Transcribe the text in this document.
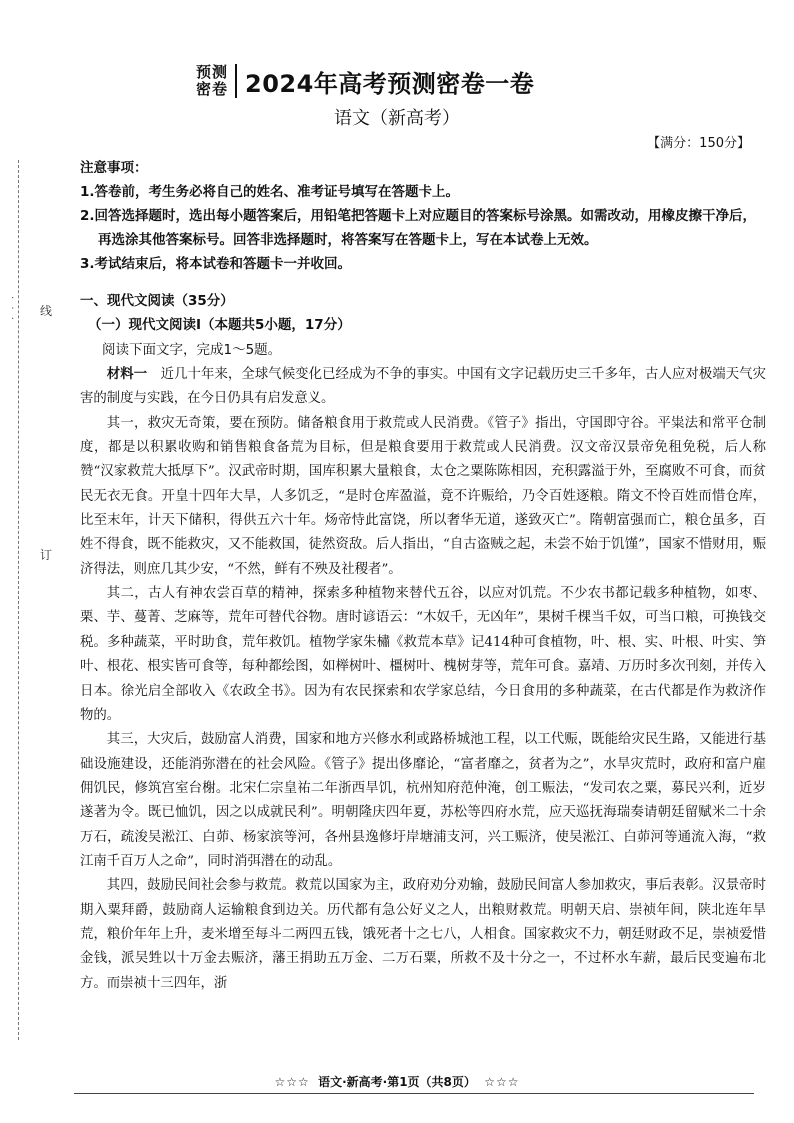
· · · 线
订
预测
密卷 2024年高考预测密卷一卷
语文（新高考）
【满分：150分】
注意事项：
1.答卷前，考生务必将自己的姓名、准考证号填写在答题卡上。
2.回答选择题时，选出每小题答案后，用铅笔把答题卡上对应题目的答案标号涂黑。如需改动，用橡皮擦干净后，再选涂其他答案标号。回答非选择题时，将答案写在答题卡上，写在本试卷上无效。
3.考试结束后，将本试卷和答题卡一并收回。
一、现代文阅读（35分）
（一）现代文阅读Ⅰ（本题共5小题，17分）
阅读下面文字，完成1～5题。

材料一　 近几十年来，全球气候变化已经成为不争的事实。中国有文字记载历史三千多年，古人应对极端天气灾害的制度与实践，在今日仍具有启发意义。

其一，救灾无奇策，要在预防。储备粮食用于救荒或人民消费。《管子》指出，守国即守谷。平粜法和常平仓制度，都是以积累收购和销售粮食备荒为目标，但是粮食要用于救荒或人民消费。汉文帝汉景帝免租免税，后人称赞“汉家救荒大抵厚下”。汉武帝时期，国库积累大量粮食，太仓之粟陈陈相因，充积露溢于外，至腐败不可食，而贫民无衣无食。开皇十四年大旱，人多饥乏，“是时仓库盈溢，竟不许赈给，乃令百姓逐粮。隋文不怜百姓而惜仓库，比至末年，计天下储积，得供五六十年。炀帝恃此富饶，所以奢华无道，遂致灭亡”。隋朝富强而亡，粮仓虽多，百姓不得食，既不能救灾，又不能救国，徒然资敌。后人指出，“自古盗贼之起，未尝不始于饥馑”，国家不惜财用，赈济得法，则庶几其少安，“不然，鲜有不殃及社稷者”。

其二，古人有神农尝百草的精神，探索多种植物来替代五谷，以应对饥荒。不少农书都记载多种植物，如枣、栗、芋、蔓菁、芝麻等，荒年可替代谷物。唐时谚语云：“木奴千，无凶年”，果树千棵当千奴，可当口粮，可换钱交税。多种蔬菜，平时助食，荒年救饥。植物学家朱橚《救荒本草》记414种可食植物，叶、根、实、叶根、叶实、笋叶、根花、根实皆可食等，每种都绘图，如榉树叶、橿树叶、槐树芽等，荒年可食。嘉靖、万历时多次刊刻，并传入日本。徐光启全部收入《农政全书》。因为有农民探索和农学家总结，今日食用的多种蔬菜，在古代都是作为救济作物的。

其三，大灾后，鼓励富人消费，国家和地方兴修水利或路桥城池工程，以工代赈，既能给灾民生路，又能进行基础设施建设，还能消弥潜在的社会风险。《管子》提出侈靡论，“富者靡之，贫者为之”，水旱灾荒时，政府和富户雇佣饥民，修筑宫室台榭。北宋仁宗皇祐二年浙西旱饥，杭州知府范仲淹，创工赈法，“发司农之粟，募民兴利，近岁遂著为令。既已恤饥，因之以成就民利”。明朝隆庆四年夏，苏松等四府水荒，应天巡抚海瑞奏请朝廷留赋米二十余万石，疏浚吴淞江、白茆、杨家滨等河，各州县逸修圩岸塘浦支河，兴工赈济，使吴淞江、白茆河等通流入海，“救江南千百万人之命”，同时消弭潜在的动乱。

其四，鼓励民间社会参与救荒。救荒以国家为主，政府劝分劝输，鼓励民间富人参加救灾，事后表彰。汉景帝时期入粟拜爵，鼓励商人运输粮食到边关。历代都有急公好义之人，出粮财救荒。明朝天启、崇祯年间，陕北连年旱荒，粮价年年上升，麦米增至每斗二两四五钱，饿死者十之七八，人相食。国家救灾不力，朝廷财政不足，崇祯爱惜金钱，派吴甡以十万金去赈济，藩王捐助五万金、二万石粟，所救不及十分之一，不过杯水车薪，最后民变遍布北方。而崇祯十三四年，浙

☆☆☆ 语文·新高考·第1页（共8页） ☆☆☆
